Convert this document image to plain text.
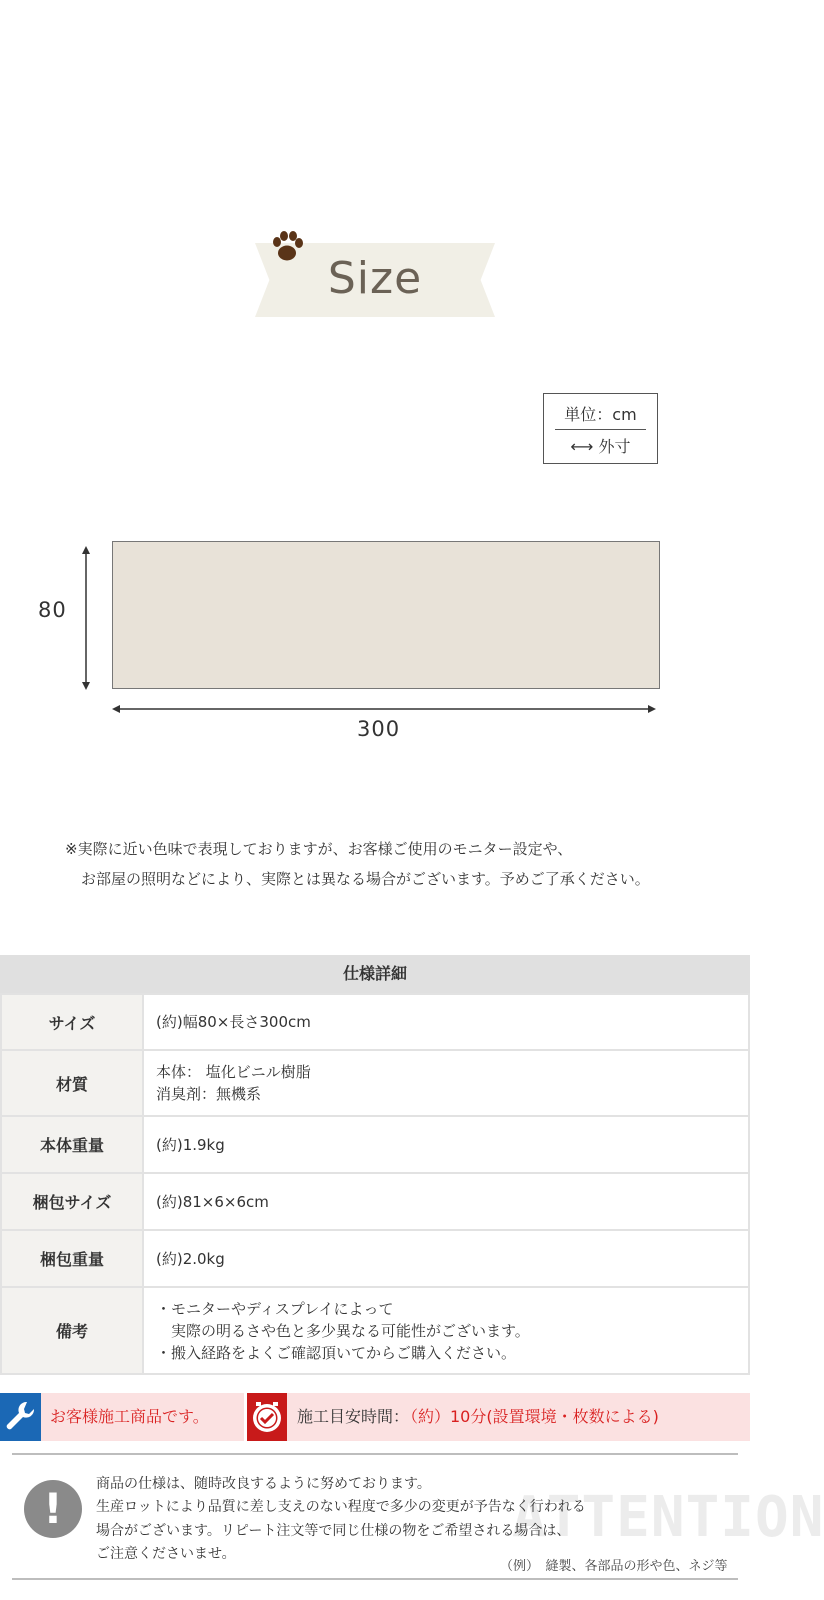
Size
単位：cm
⟷ 外寸
80
300
※実際に近い色味で表現しておりますが、お客様ご使用のモニター設定や、
お部屋の照明などにより、実際とは異なる場合がございます。予めご了承ください。
仕様詳細
サイズ	(約)幅80×長さ300cm

材質	本体： 塩化ビニル樹脂
消臭剤：無機系

本体重量	(約)1.9kg

梱包サイズ	(約)81×6×6cm

梱包重量	(約)2.0kg

備考	・モニターやディスプレイによって
　実際の明るさや色と多少異なる可能性がございます。
・搬入経路をよくご確認頂いてからご購入ください。
お客様施工商品です。	施工目安時間：
（約）10分(設置環境・枚数による)
ATTENTION
!	商品の仕様は、随時改良するように努めております。
生産ロットにより品質に差し支えのない程度で多少の変更が予告なく行われる
場合がございます。リピート注文等で同じ仕様の物をご希望される場合は、
ご注意くださいませ。
（例）　縫製、各部品の形や色、ネジ等
